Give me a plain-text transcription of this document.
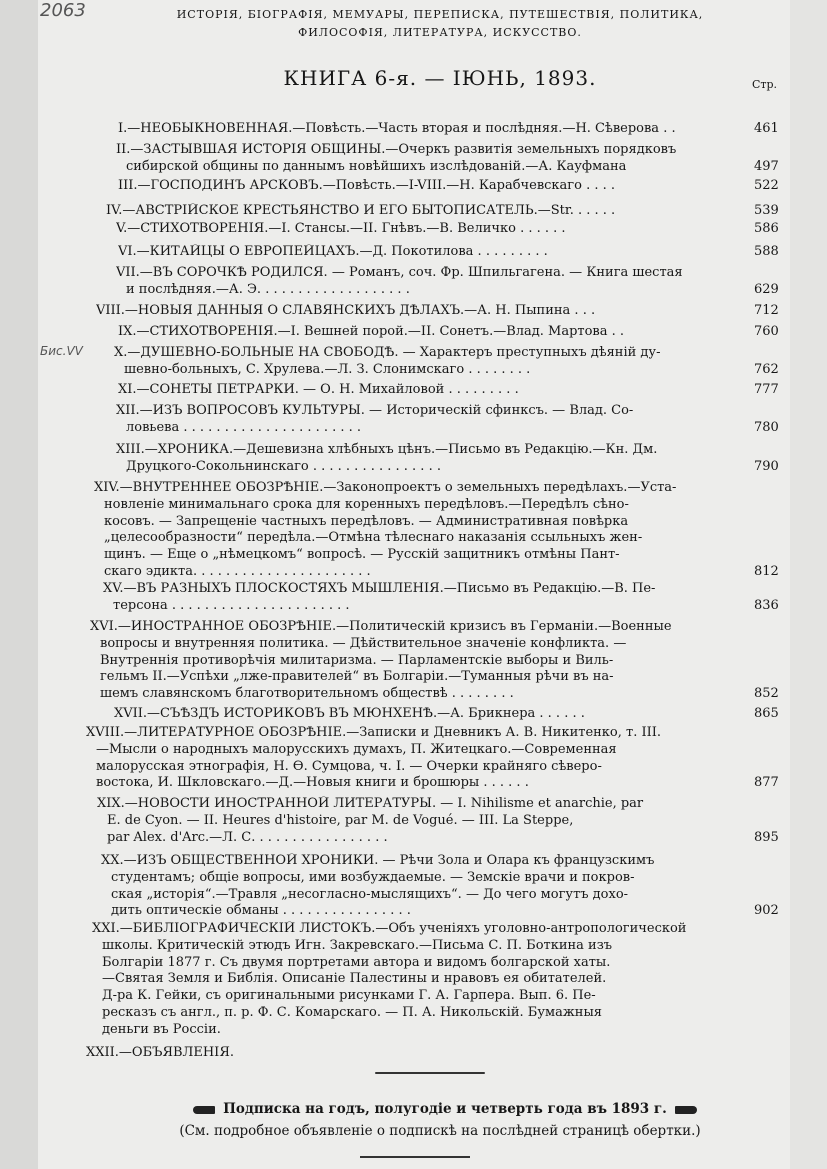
2063	ИСТОРІЯ, БІОГРАФІЯ, МЕМУАРЫ, ПЕРЕПИСКА, ПУТЕШЕСТВІЯ, ПОЛИТИКА,
ФИЛОСОФІЯ, ЛИТЕРАТУРА, ИСКУССТВО.
КНИГА 6-я. — ІЮНЬ, 1893.	Стр.
Бис.VV
I.—НЕОБЫКНОВЕННАЯ.—Повѣсть.—Часть вторая и послѣдняя.—Н. Сѣверова . .	461
II.—ЗАСТЫВШАЯ ИСТОРІЯ ОБЩИНЫ.—Очеркъ развитія земельныхъ порядковъ
сибирской общины по даннымъ новѣйшихъ изслѣдованій.—А. Кауфмана	497
III.—ГОСПОДИНЪ АРСКОВЪ.—Повѣсть.—I-VIII.—Н. Карабчевскаго . . . .	522
IV.—АВСТРІЙСКОЕ КРЕСТЬЯНСТВО И ЕГО БЫТОПИСАТЕЛЬ.—Str. . . . . .	539
V.—СТИХОТВОРЕНІЯ.—I. Стансы.—II. Гнѣвъ.—В. Величко . . . . . .	586
VI.—КИТАЙЦЫ О ЕВРОПЕЙЦАХЪ.—Д. Покотилова . . . . . . . . .	588
VII.—ВЪ СОРОЧКѢ РОДИЛСЯ. — Романъ, соч. Фр. Шпильгагена. — Книга шестая
и послѣдняя.—А. Э. . . . . . . . . . . . . . . . . . .	629
VIII.—НОВЫЯ ДАННЫЯ О СЛАВЯНСКИХЪ ДѢЛАХЪ.—А. Н. Пыпина . . .	712
IX.—СТИХОТВОРЕНІЯ.—I. Вешней порой.—II. Сонетъ.—Влад. Мартова . .	760
X.—ДУШЕВНО-БОЛЬНЫЕ НА СВОБОДѢ. — Характеръ преступныхъ дѣяній ду-
шевно-больныхъ, С. Хрулева.—Л. З. Слонимскаго . . . . . . . .	762
XI.—СОНЕТЫ ПЕТРАРКИ. — О. Н. Михайловой . . . . . . . . .	777
XII.—ИЗЪ ВОПРОСОВЪ КУЛЬТУРЫ. — Историческій сфинксъ. — Влад. Со-
ловьева . . . . . . . . . . . . . . . . . . . . . .	780
XIII.—ХРОНИКА.—Дешевизна хлѣбныхъ цѣнъ.—Письмо въ Редакцію.—Кн. Дм.
Друцкого-Сокольнинскаго . . . . . . . . . . . . . . . .	790
XIV.—ВНУТРЕННЕЕ ОБОЗРѢНІЕ.—Законопроектъ о земельныхъ передѣлахъ.—Уста-
новленіе минимальнаго срока для коренныхъ передѣловъ.—Передѣлъ сѣно-
косовъ. — Запрещеніе частныхъ передѣловъ. — Административная повѣрка
„целесообразности“ передѣла.—Отмѣна тѣлеснаго наказанія ссыльныхъ жен-
щинъ. — Еще о „нѣмецкомъ“ вопросѣ. — Русскій защитникъ отмѣны Пант-
скаго эдикта. . . . . . . . . . . . . . . . . . . . . .	812
XV.—ВЪ РАЗНЫХЪ ПЛОСКОСТЯХЪ МЫШЛЕНІЯ.—Письмо въ Редакцію.—В. Пе-
терсона . . . . . . . . . . . . . . . . . . . . . .	836
XVI.—ИНОСТРАННОЕ ОБОЗРѢНІЕ.—Политическій кризисъ въ Германіи.—Военные
вопросы и внутренняя политика. — Дѣйствительное значеніе конфликта. —
Внутреннія противорѣчія милитаризма. — Парламентскіе выборы и Виль-
гельмъ II.—Успѣхи „лже-правителей“ въ Болгаріи.—Туманныя рѣчи въ на-
шемъ славянскомъ благотворительномъ обществѣ . . . . . . . .	852
XVII.—СЪѢЗДЪ ИСТОРИКОВЪ ВЪ МЮНХЕНѢ.—А. Брикнера . . . . . .	865
XVIII.—ЛИТЕРАТУРНОЕ ОБОЗРѢНІЕ.—Записки и Дневникъ А. В. Никитенко, т. III.
—Мысли о народныхъ малорусскихъ думахъ, П. Житецкаго.—Современная
малорусская этнографія, Н. Ѳ. Сумцова, ч. I. — Очерки крайняго сѣверо-
востока, И. Шкловскаго.—Д.—Новыя книги и брошюры . . . . . .	877
XIX.—НОВОСТИ ИНОСТРАННОЙ ЛИТЕРАТУРЫ. — I. Nihilisme et anarchie, par
E. de Cyon. — II. Heures d'histoire, par M. de Vogué. — III. La Steppe,
par Alex. d'Arc.—Л. С. . . . . . . . . . . . . . . . .	895
XX.—ИЗЪ ОБЩЕСТВЕННОЙ ХРОНИКИ. — Рѣчи Зола и Олара къ французскимъ
студентамъ; общіе вопросы, ими возбуждаемые. — Земскіе врачи и покров-
ская „исторія“.—Травля „несогласно-мыслящихъ“. — До чего могутъ дохо-
дить оптическіе обманы . . . . . . . . . . . . . . . .	902
XXI.—БИБЛІОГРАФИЧЕСКІЙ ЛИСТОКЪ.—Объ ученіяхъ уголовно-антропологической
школы. Критическій этюдъ Игн. Закревскаго.—Письма С. П. Боткина изъ
Болгаріи 1877 г. Съ двумя портретами автора и видомъ болгарской хаты.
—Святая Земля и Библія. Описаніе Палестины и нравовъ ея обитателей.
Д-ра К. Гейки, съ оригинальными рисунками Г. А. Гарпера. Вып. 6. Пе-
ресказъ съ англ., п. р. Ф. С. Комарскаго. — П. А. Никольскій. Бумажныя
деньги въ Россіи.
XXII.—ОБЪЯВЛЕНІЯ.
Подписка на годъ, полугодіе и четверть года въ 1893 г.
(См. подробное объявленіе о подпискѣ на послѣдней страницѣ обертки.)
